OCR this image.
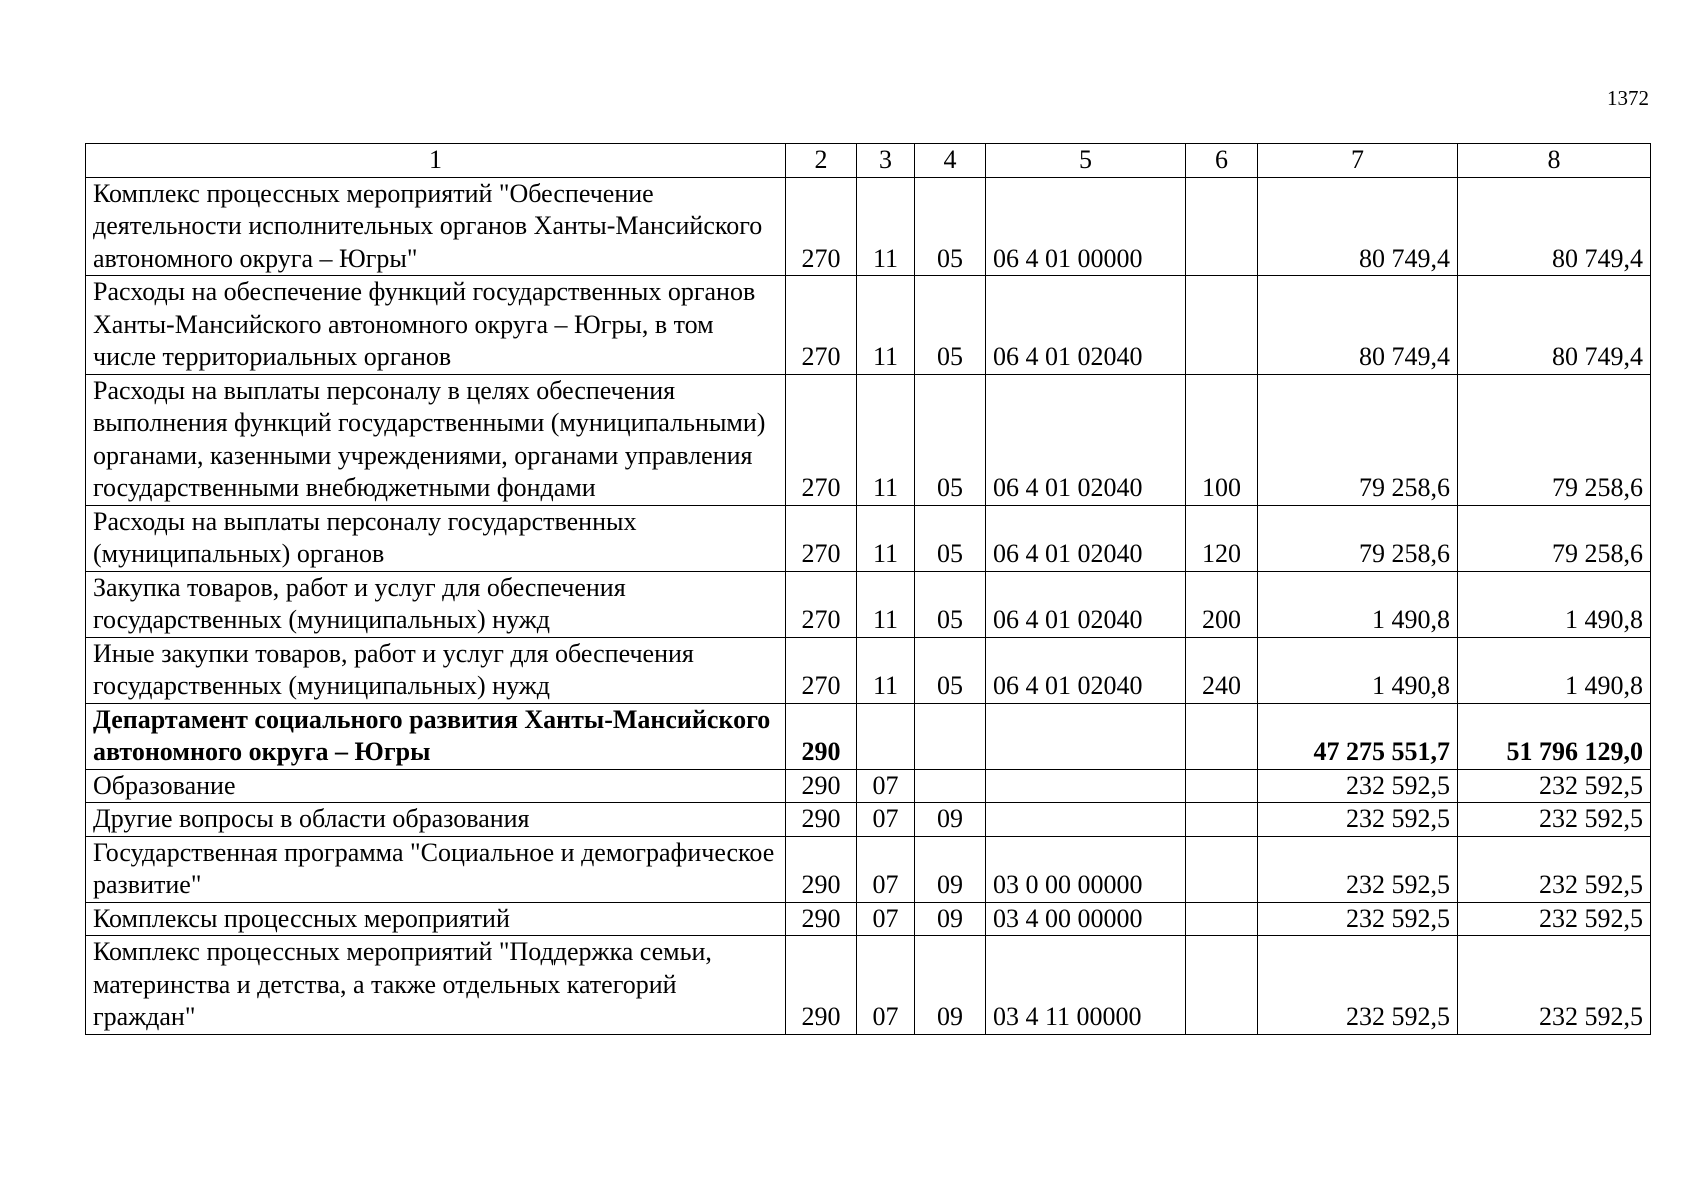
1372
1	2	3	4	5	6	7	8
Комплекс процессных мероприятий "Обеспечение деятельности исполнительных органов Ханты-Мансийского автономного округа – Югры"	270	11	05	06 4 01 00000		80 749,4	80 749,4
Расходы на обеспечение функций государственных органов Ханты-Мансийского автономного округа – Югры, в том числе территориальных органов	270	11	05	06 4 01 02040		80 749,4	80 749,4
Расходы на выплаты персоналу в целях обеспечения выполнения функций государственными (муниципальными) органами, казенными учреждениями, органами управления государственными внебюджетными фондами	270	11	05	06 4 01 02040	100	79 258,6	79 258,6
Расходы на выплаты персоналу государственных (муниципальных) органов	270	11	05	06 4 01 02040	120	79 258,6	79 258,6
Закупка товаров, работ и услуг для обеспечения государственных (муниципальных) нужд	270	11	05	06 4 01 02040	200	1 490,8	1 490,8
Иные закупки товаров, работ и услуг для обеспечения государственных (муниципальных) нужд	270	11	05	06 4 01 02040	240	1 490,8	1 490,8
Департамент социального развития Ханты-Мансийского автономного округа – Югры	290					47 275 551,7	51 796 129,0
Образование	290	07				232 592,5	232 592,5
Другие вопросы в области образования	290	07	09			232 592,5	232 592,5
Государственная программа "Социальное и демографическое развитие"	290	07	09	03 0 00 00000		232 592,5	232 592,5
Комплексы процессных мероприятий	290	07	09	03 4 00 00000		232 592,5	232 592,5
Комплекс процессных мероприятий "Поддержка семьи, материнства и детства, а также отдельных категорий граждан"	290	07	09	03 4 11 00000		232 592,5	232 592,5
